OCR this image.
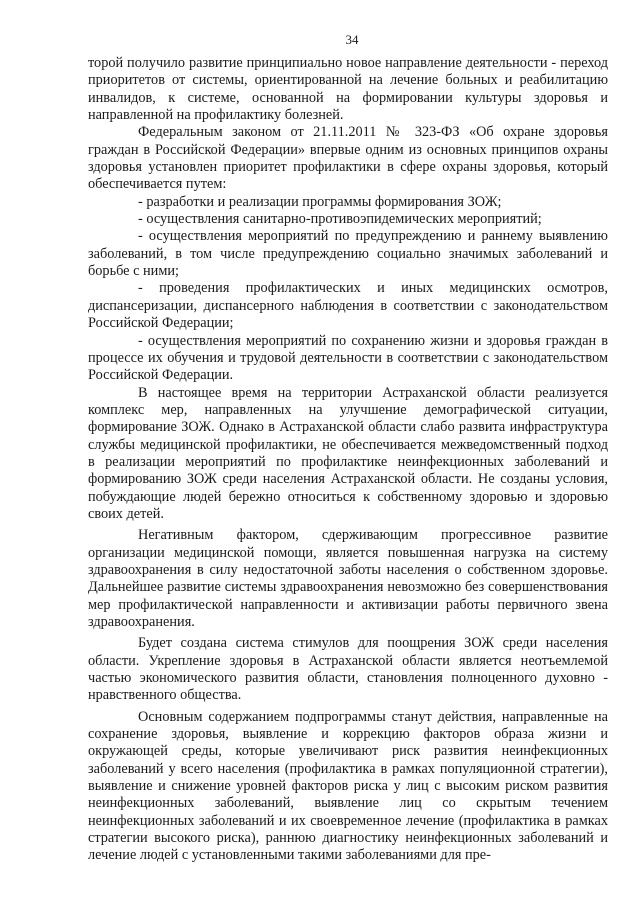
34

торой получило развитие принципиально новое направление деятельности - переход приоритетов от системы, ориентированной на лечение больных и реабилитацию инвалидов, к системе, основанной на формировании культуры здоровья и направленной на профилактику болезней.

Федеральным законом от 21.11.2011 № 323-ФЗ «Об охране здоровья граждан в Российской Федерации» впервые одним из основных принципов охраны здоровья установлен приоритет профилактики в сфере охраны здоровья, который обеспечивается путем:

- разработки и реализации программы формирования ЗОЖ;

- осуществления санитарно-противоэпидемических мероприятий;

- осуществления мероприятий по предупреждению и раннему выявлению заболеваний, в том числе предупреждению социально значимых заболеваний и борьбе с ними;

- проведения профилактических и иных медицинских осмотров, диспансеризации, диспансерного наблюдения в соответствии с законодательством Российской Федерации;

- осуществления мероприятий по сохранению жизни и здоровья граждан в процессе их обучения и трудовой деятельности в соответствии с законодательством Российской Федерации.

В настоящее время на территории Астраханской области реализуется комплекс мер, направленных на улучшение демографической ситуации, формирование ЗОЖ. Однако в Астраханской области слабо развита инфраструктура службы медицинской профилактики, не обеспечивается межведомственный подход в реализации мероприятий по профилактике неинфекционных заболеваний и формированию ЗОЖ среди населения Астраханской области. Не созданы условия, побуждающие людей бережно относиться к собственному здоровью и здоровью своих детей.

Негативным фактором, сдерживающим прогрессивное развитие организации медицинской помощи, является повышенная нагрузка на систему здравоохранения в силу недостаточной заботы населения о собственном здоровье. Дальнейшее развитие системы здравоохранения невозможно без совершенствования мер профилактической направленности и активизации работы первичного звена здравоохранения.

Будет создана система стимулов для поощрения ЗОЖ среди населения области. Укрепление здоровья в Астраханской области является неотъемлемой частью экономического развития области, становления полноценного духовно - нравственного общества.

Основным содержанием подпрограммы станут действия, направленные на сохранение здоровья, выявление и коррекцию факторов образа жизни и окружающей среды, которые увеличивают риск развития неинфекционных заболеваний у всего населения (профилактика в рамках популяционной стратегии), выявление и снижение уровней факторов риска у лиц с высоким риском развития неинфекционных заболеваний, выявление лиц со скрытым течением неинфекционных заболеваний и их своевременное лечение (профилактика в рамках стратегии высокого риска), раннюю диагностику неинфекционных заболеваний и лечение людей с установленными такими заболеваниями для пре-
